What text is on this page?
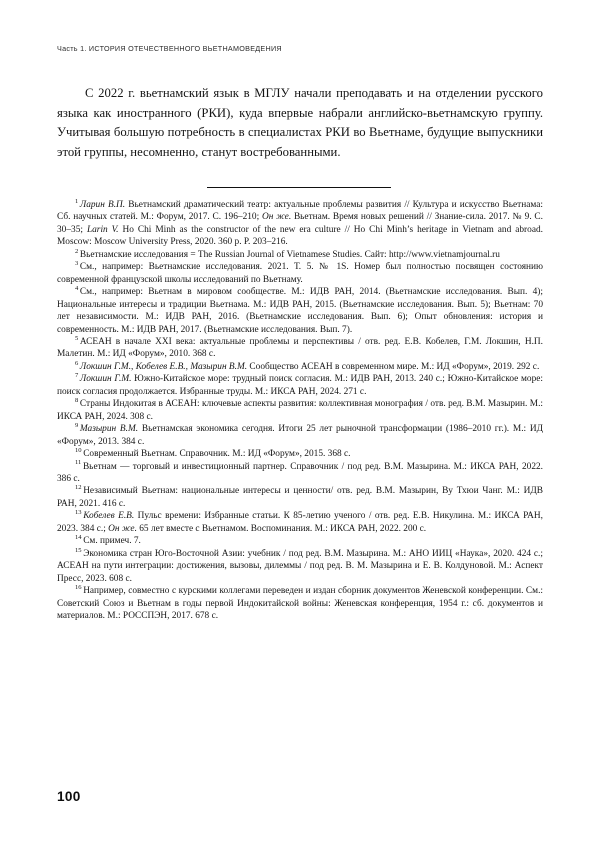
Часть 1. ИСТОРИЯ ОТЕЧЕСТВЕННОГО ВЬЕТНАМОВЕДЕНИЯ

С 2022 г. вьетнамский язык в МГЛУ начали преподавать и на отделении русского языка как иностранного (РКИ), куда впервые набрали английско-вьетнамскую группу. Учитывая большую потребность в специалистах РКИ во Вьетнаме, будущие выпускники этой группы, несомненно, станут востребованными.

$^1$ Ларин В.П. Вьетнамский драматический театр: актуальные проблемы развития // Культура и искусство Вьетнама: Сб. научных статей. М.: Форум, 2017. С. 196–210; Он же. Вьетнам. Время новых решений // Знание-сила. 2017. № 9. С. 30–35; Larin V. Ho Chi Minh as the constructor of the new era culture // Ho Chi Minh’s heritage in Vietnam and abroad. Moscow: Moscow University Press, 2020. 360 p. P. 203–216.

$^2$ Вьетнамские исследования = The Russian Journal of Vietnamese Studies. Сайт: http://www.vietnamjournal.ru

$^3$ См., например: Вьетнамские исследования. 2021. Т. 5. № 1S. Номер был полностью посвящен состоянию современной французской школы исследований по Вьетнаму.

$^4$ См., например: Вьетнам в мировом сообществе. М.: ИДВ РАН, 2014. (Вьетнамские исследования. Вып. 4); Национальные интересы и традиции Вьетнама. М.: ИДВ РАН, 2015. (Вьетнамские исследования. Вып. 5); Вьетнам: 70 лет независимости. М.: ИДВ РАН, 2016. (Вьетнамские исследования. Вып. 6); Опыт обновления: история и современность. М.: ИДВ РАН, 2017. (Вьетнамские исследования. Вып. 7).

$^5$ АСЕАН в начале XXI века: актуальные проблемы и перспективы / отв. ред. Е.В. Кобелев, Г.М. Локшин, Н.П. Малетин. М.: ИД «Форум», 2010. 368 с.

$^6$ Локшин Г.М., Кобелев Е.В., Мазырин В.М. Сообщество АСЕАН в современном мире. М.: ИД «Форум», 2019. 292 с.

$^7$ Локшин Г.М. Южно-Китайское море: трудный поиск согласия. М.: ИДВ РАН, 2013. 240 с.; Южно-Китайское море: поиск согласия продолжается. Избранные труды. М.: ИКСА РАН, 2024. 271 с.

$^8$ Страны Индокитая в АСЕАН: ключевые аспекты развития: коллективная монография / отв. ред. В.М. Мазырин. М.: ИКСА РАН, 2024. 308 с.

$^9$ Мазырин В.М. Вьетнамская экономика сегодня. Итоги 25 лет рыночной трансформации (1986–2010 гг.). М.: ИД «Форум», 2013. 384 с.

$^{10}$ Современный Вьетнам. Справочник. М.: ИД «Форум», 2015. 368 с.

$^{11}$ Вьетнам — торговый и инвестиционный партнер. Справочник / под ред. В.М. Мазырина. М.: ИКСА РАН, 2022. 386 с.

$^{12}$ Независимый Вьетнам: национальные интересы и ценности/ отв. ред. В.М. Мазырин, Ву Тхюи Чанг. М.: ИДВ РАН, 2021. 416 с.

$^{13}$ Кобелев Е.В. Пульс времени: Избранные статьи. К 85-летию ученого / отв. ред. Е.В. Никулина. М.: ИКСА РАН, 2023. 384 с.; Он же. 65 лет вместе с Вьетнамом. Воспоминания. М.: ИКСА РАН, 2022. 200 с.

$^{14}$ См. примеч. 7.

$^{15}$ Экономика стран Юго-Восточной Азии: учебник / под ред. В.М. Мазырина. М.: АНО ИИЦ «Наука», 2020. 424 с.; АСЕАН на пути интеграции: достижения, вызовы, дилеммы / под ред. В. М. Мазырина и Е. В. Колдуновой. М.: Аспект Пресс, 2023. 608 с.

$^{16}$ Например, совместно с курскими коллегами переведен и издан сборник документов Женевской конференции. См.: Советский Союз и Вьетнам в годы первой Индокитайской войны: Женевская конференция, 1954 г.: сб. документов и материалов. М.: РОССПЭН, 2017. 678 с.

100
